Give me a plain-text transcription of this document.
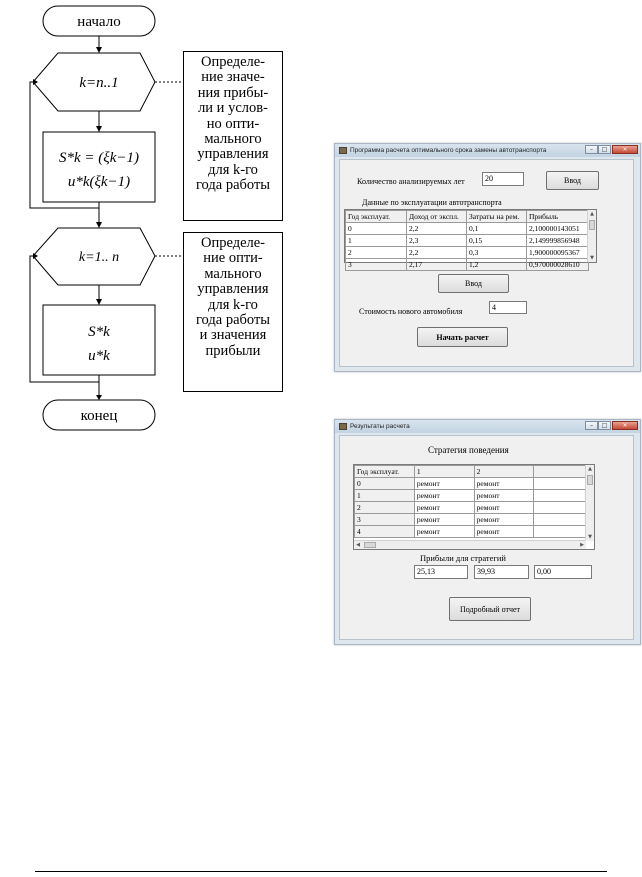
начало
k=n..1
S*k = (ξk−1)
u*k(ξk−1)
k=1.. n
S*k
u*k
конец
Определе-
ние значе-
ния прибы-
ли и услов-
но опти-
мального
управления
для k-го
года работы
Определе-
ние опти-
мального
управления
для k-го
года работы
и значения
прибыли
Программа расчета оптимального срока замены автотранспорта	–	□	×
Количество анализируемых лет	20	Ввод
Данные по эксплуатации автотранспорта
Год эксплуат.	Доход от экспл.	Затраты на рем.	Прибыль
0	2,2	0,1	2,100000143051
1	2,3	0,15	2,149999856948
2	2,2	0,3	1,900000095367
3	2,17	1,2	0,970000028610
▲
▼
Ввод
Стоимость нового автомобиля	4
Начать расчет
Результаты расчета	–	□	×
Стратегия поведения
Год эксплуат.	1	2	
0	ремонт	ремонт	
1	ремонт	ремонт	
2	ремонт	ремонт	
3	ремонт	ремонт	
4	ремонт	ремонт	
▲
▼
◀	▶
Прибыли для стратегий
25,13	39,93	0,00
Подробный отчет
